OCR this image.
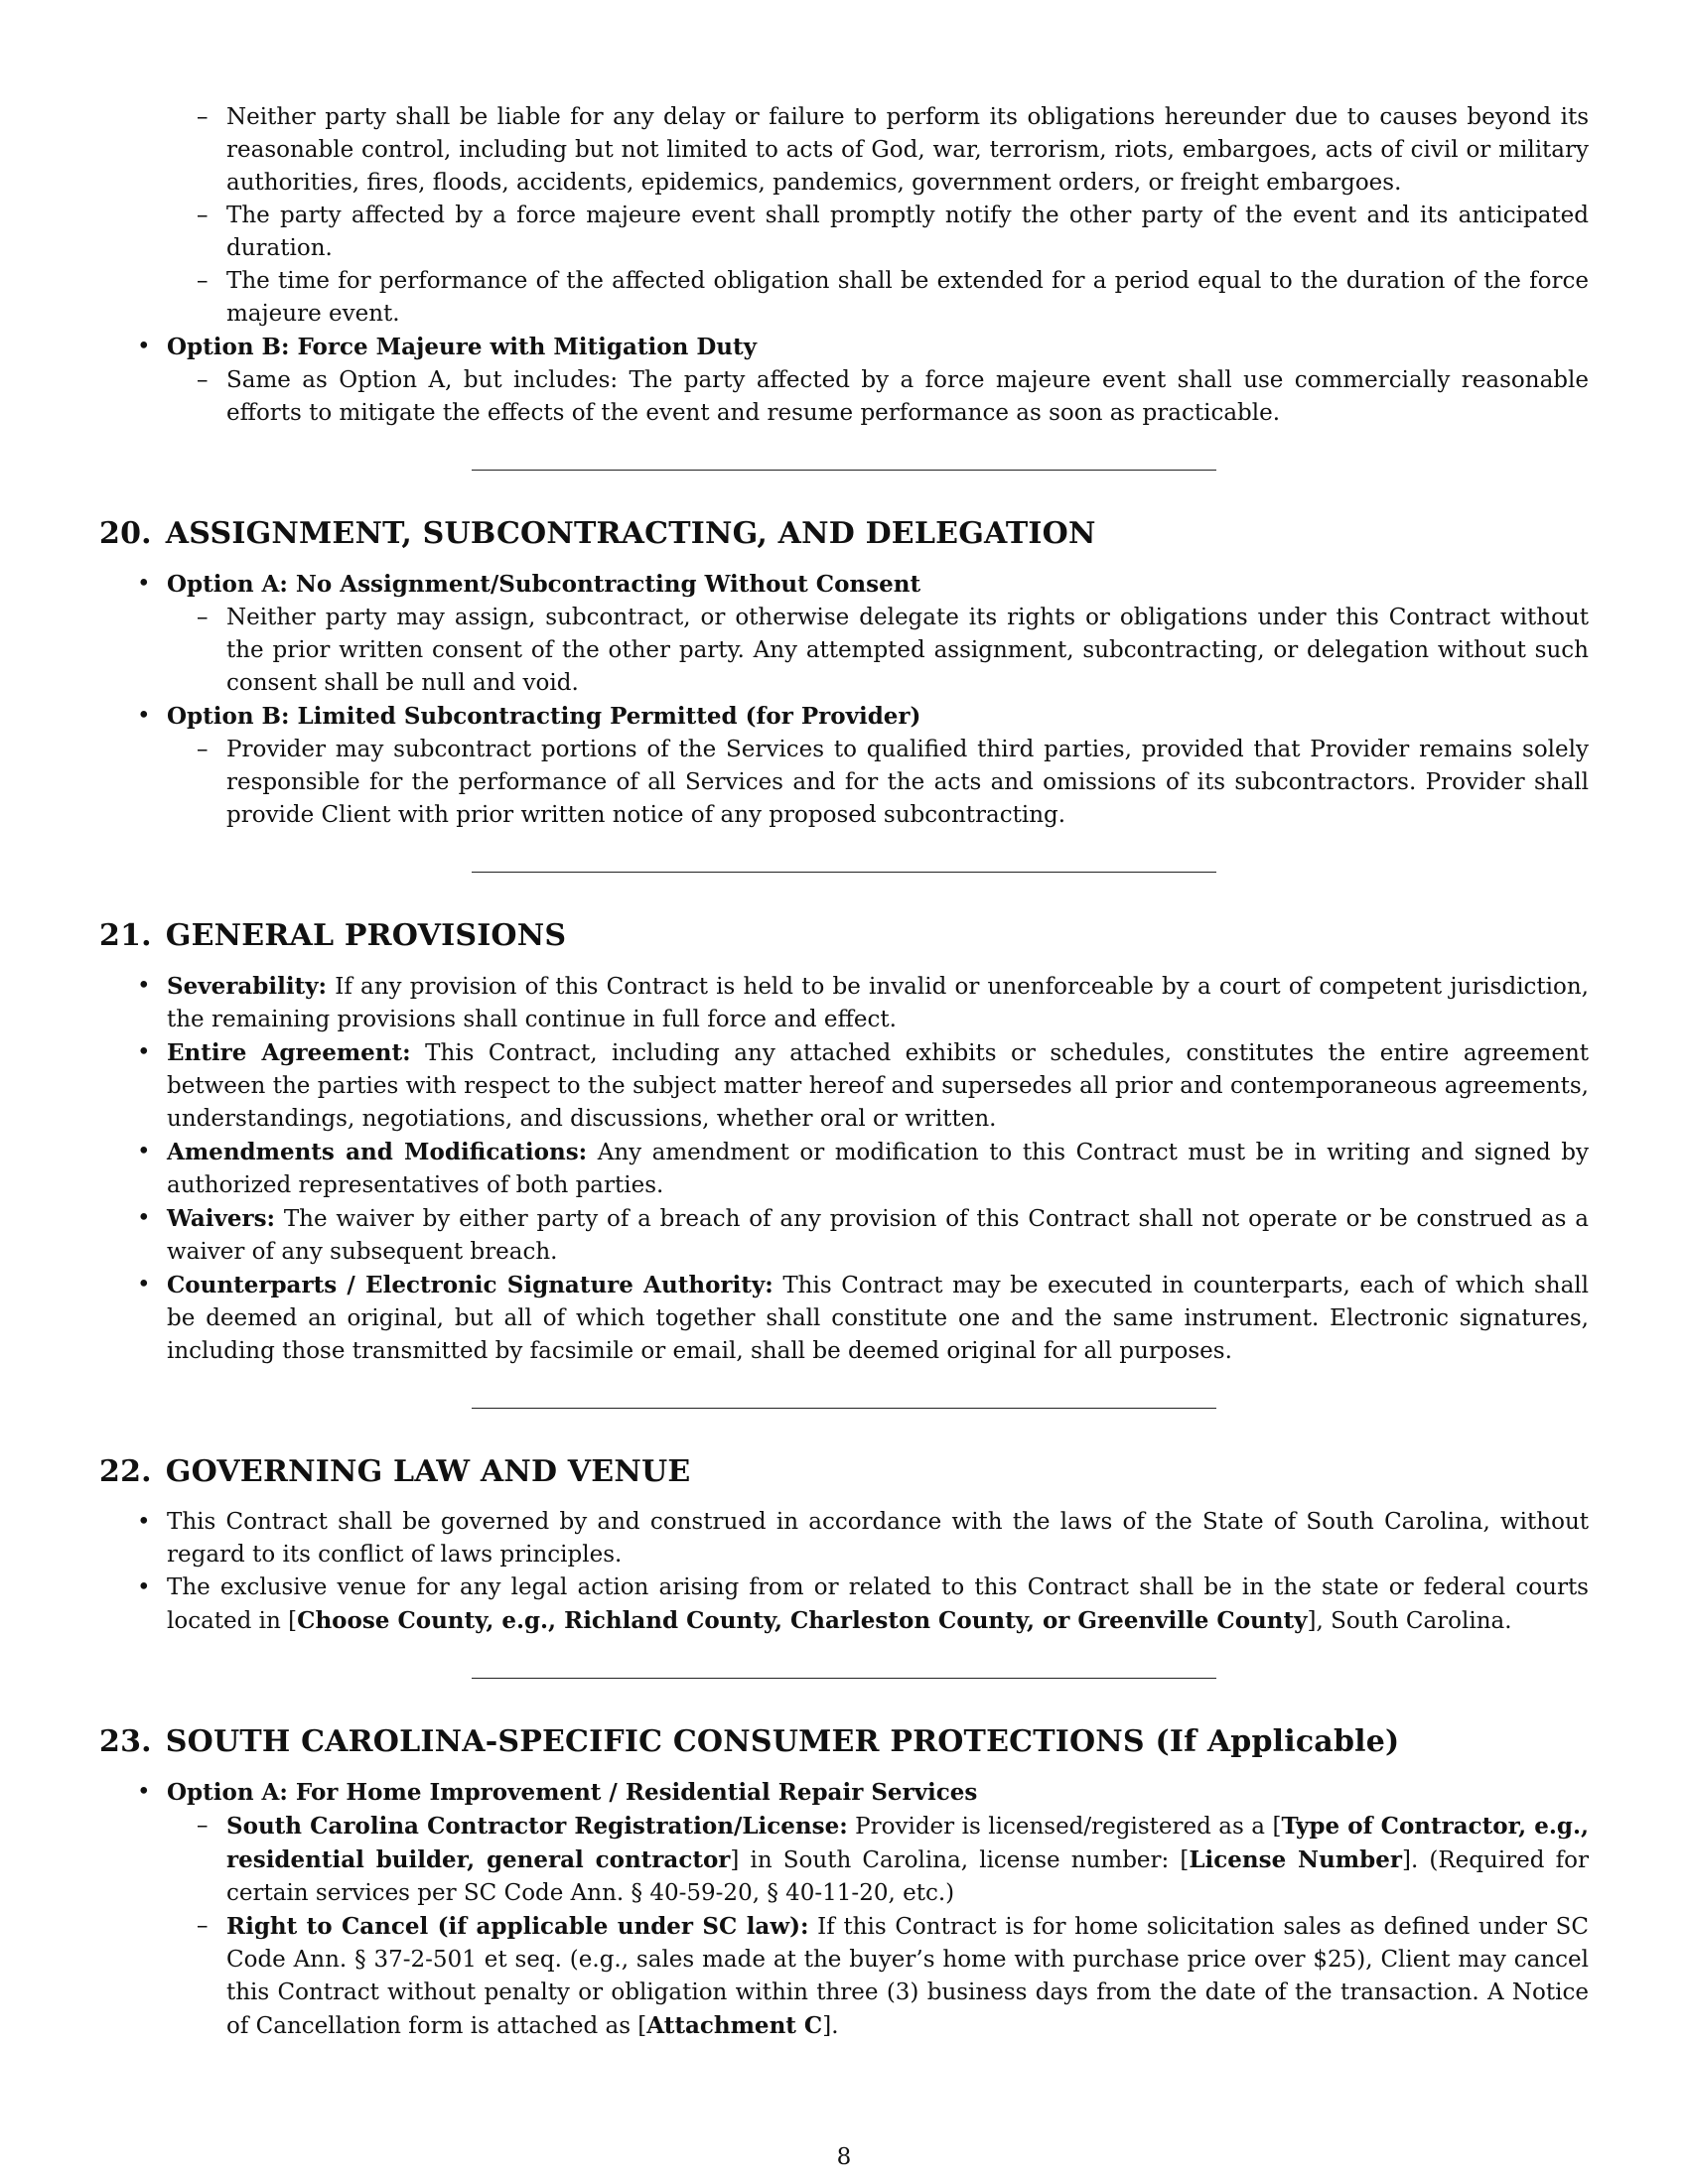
– Neither party shall be liable for any delay or failure to perform its obligations hereunder due to causes beyond its reasonable control, including but not limited to acts of God, war, terrorism, riots, embargoes, acts of civil or military authorities, fires, floods, accidents, epidemics, pandemics, government orders, or freight embargoes.
– The party affected by a force majeure event shall promptly notify the other party of the event and its anticipated duration.
– The time for performance of the affected obligation shall be extended for a period equal to the duration of the force majeure event.
• Option B: Force Majeure with Mitigation Duty
– Same as Option A, but includes: The party affected by a force majeure event shall use commercially reasonable efforts to mitigate the effects of the event and resume performance as soon as practicable.
20. ASSIGNMENT, SUBCONTRACTING, AND DELEGATION
• Option A: No Assignment/Subcontracting Without Consent
– Neither party may assign, subcontract, or otherwise delegate its rights or obligations under this Contract without the prior written consent of the other party. Any attempted assignment, subcontracting, or delegation without such consent shall be null and void.
• Option B: Limited Subcontracting Permitted (for Provider)
– Provider may subcontract portions of the Services to qualified third parties, provided that Provider remains solely responsible for the performance of all Services and for the acts and omissions of its subcontractors. Provider shall provide Client with prior written notice of any proposed subcontracting.
21. GENERAL PROVISIONS
• Severability: If any provision of this Contract is held to be invalid or unenforceable by a court of competent jurisdiction, the remaining provisions shall continue in full force and effect.
• Entire Agreement: This Contract, including any attached exhibits or schedules, constitutes the entire agreement between the parties with respect to the subject matter hereof and supersedes all prior and contemporaneous agreements, understandings, negotiations, and discussions, whether oral or written.
• Amendments and Modifications: Any amendment or modification to this Contract must be in writing and signed by authorized representatives of both parties.
• Waivers: The waiver by either party of a breach of any provision of this Contract shall not operate or be construed as a waiver of any subsequent breach.
• Counterparts / Electronic Signature Authority: This Contract may be executed in counterparts, each of which shall be deemed an original, but all of which together shall constitute one and the same instrument. Electronic signatures, including those transmitted by facsimile or email, shall be deemed original for all purposes.
22. GOVERNING LAW AND VENUE
• This Contract shall be governed by and construed in accordance with the laws of the State of South Carolina, without regard to its conflict of laws principles.
• The exclusive venue for any legal action arising from or related to this Contract shall be in the state or federal courts located in [Choose County, e.g., Richland County, Charleston County, or Greenville County], South Carolina.
23. SOUTH CAROLINA-SPECIFIC CONSUMER PROTECTIONS (If Applicable)
• Option A: For Home Improvement / Residential Repair Services
– South Carolina Contractor Registration/License: Provider is licensed/registered as a [Type of Contractor, e.g., residential builder, general contractor] in South Carolina, license number: [License Number]. (Required for certain services per SC Code Ann. § 40-59-20, § 40-11-20, etc.)
– Right to Cancel (if applicable under SC law): If this Contract is for home solicitation sales as defined under SC Code Ann. § 37-2-501 et seq. (e.g., sales made at the buyer’s home with purchase price over $25), Client may cancel this Contract without penalty or obligation within three (3) business days from the date of the transaction. A Notice of Cancellation form is attached as [Attachment C].
8
